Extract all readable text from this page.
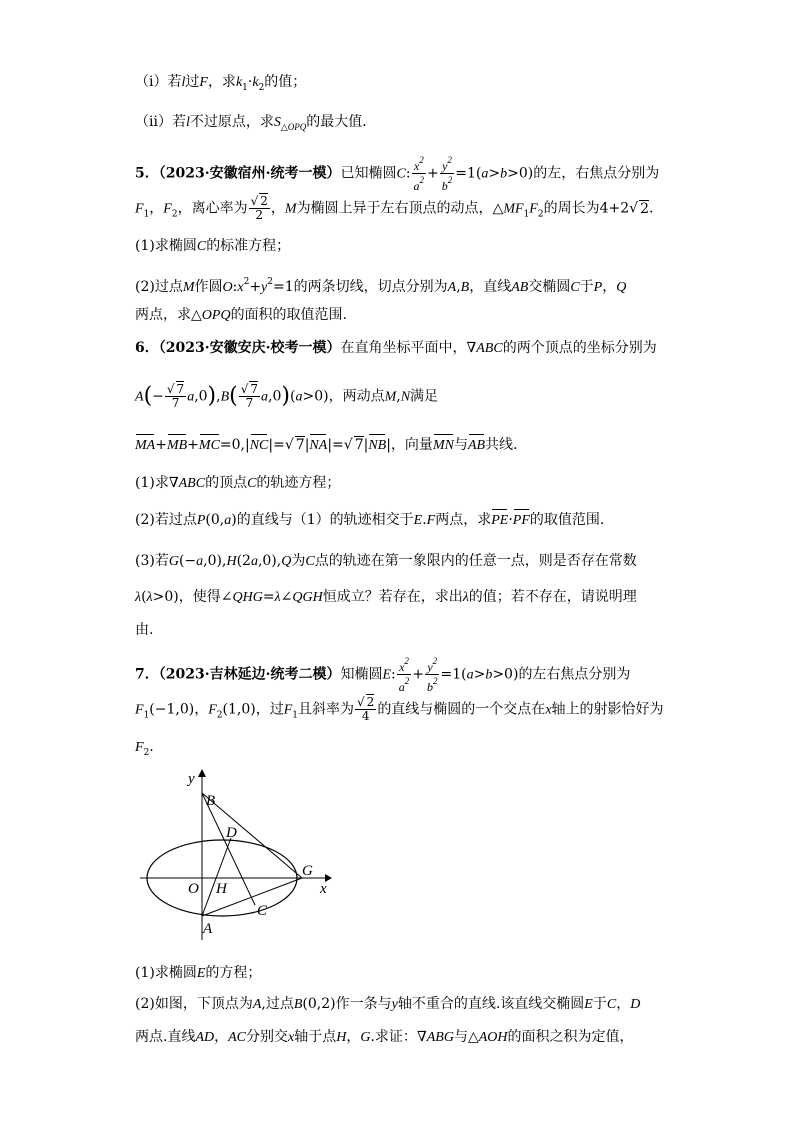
（ⅰ）若l过F，求$k_1\cdot k_2$的值；
（ⅱ）若l不过原点，求$S_{\triangle OPQ}$的最大值．
5．（2023·安徽宿州·统考一模）已知椭圆C: $\frac{x^2}{a^2} + \frac{y^2}{b^2} =1(a>b>0)$的左，右焦点分别为
$F_1$，$F_2$，离心率为 $\frac{√ 2}{2}$ ，M为椭圆上异于左右顶点的动点，$\triangle MF_1F_2$的周长为4+2√ 2.
(1)求椭圆C的标准方程；
(2)过点M作圆$O:x^2+y^2=1$的两条切线，切点分别为A,B，直线AB交椭圆C于P，Q
两点，求△OPQ的面积的取值范围.
6．（2023·安徽安庆·校考一模）在直角坐标平面中，∇ABC的两个顶点的坐标分别为
$A(- \frac{√ 7}{7} a,0),B( \frac{√ 7}{7} a,0)(a>0)$，两动点M,N满足
MA+MB+MC=0,|NC|=√ 7|NA|=√ 7|NB|，向量MN与AB共线.
(1)求∇ABC的顶点C的轨迹方程；
(2)若过点P(0,a)的直线与（1）的轨迹相交于E.F两点，求PE·PF的取值范围.
(3)若G(−a,0),H(2a,0),Q为C点的轨迹在第一象限内的任意一点，则是否存在常数
λ(λ>0)，使得∠QHG=λ∠QGH恒成立？若存在，求出λ的值；若不存在，请说明理
由.
7．（2023·吉林延边·统考二模）知椭圆E: $\frac{x^2}{a^2} + \frac{y^2}{b^2} =1(a>b>0)$的左右焦点分别为
$F_1(-1,0)$，$F_2(1,0)$，过$F_1$且斜率为 $\frac{√ 2}{4}$ 的直线与椭圆的一个交点在x轴上的射影恰好为
$F_2$.
y
B
D
G
x
O H
C
A
(1)求椭圆E的方程；
(2)如图，下顶点为A,过点B(0,2)作一条与y轴不重合的直线.该直线交椭圆E于C，D
两点.直线AD，AC分别交x轴于点H，G.求证：∇ABG与△AOH的面积之积为定值，
